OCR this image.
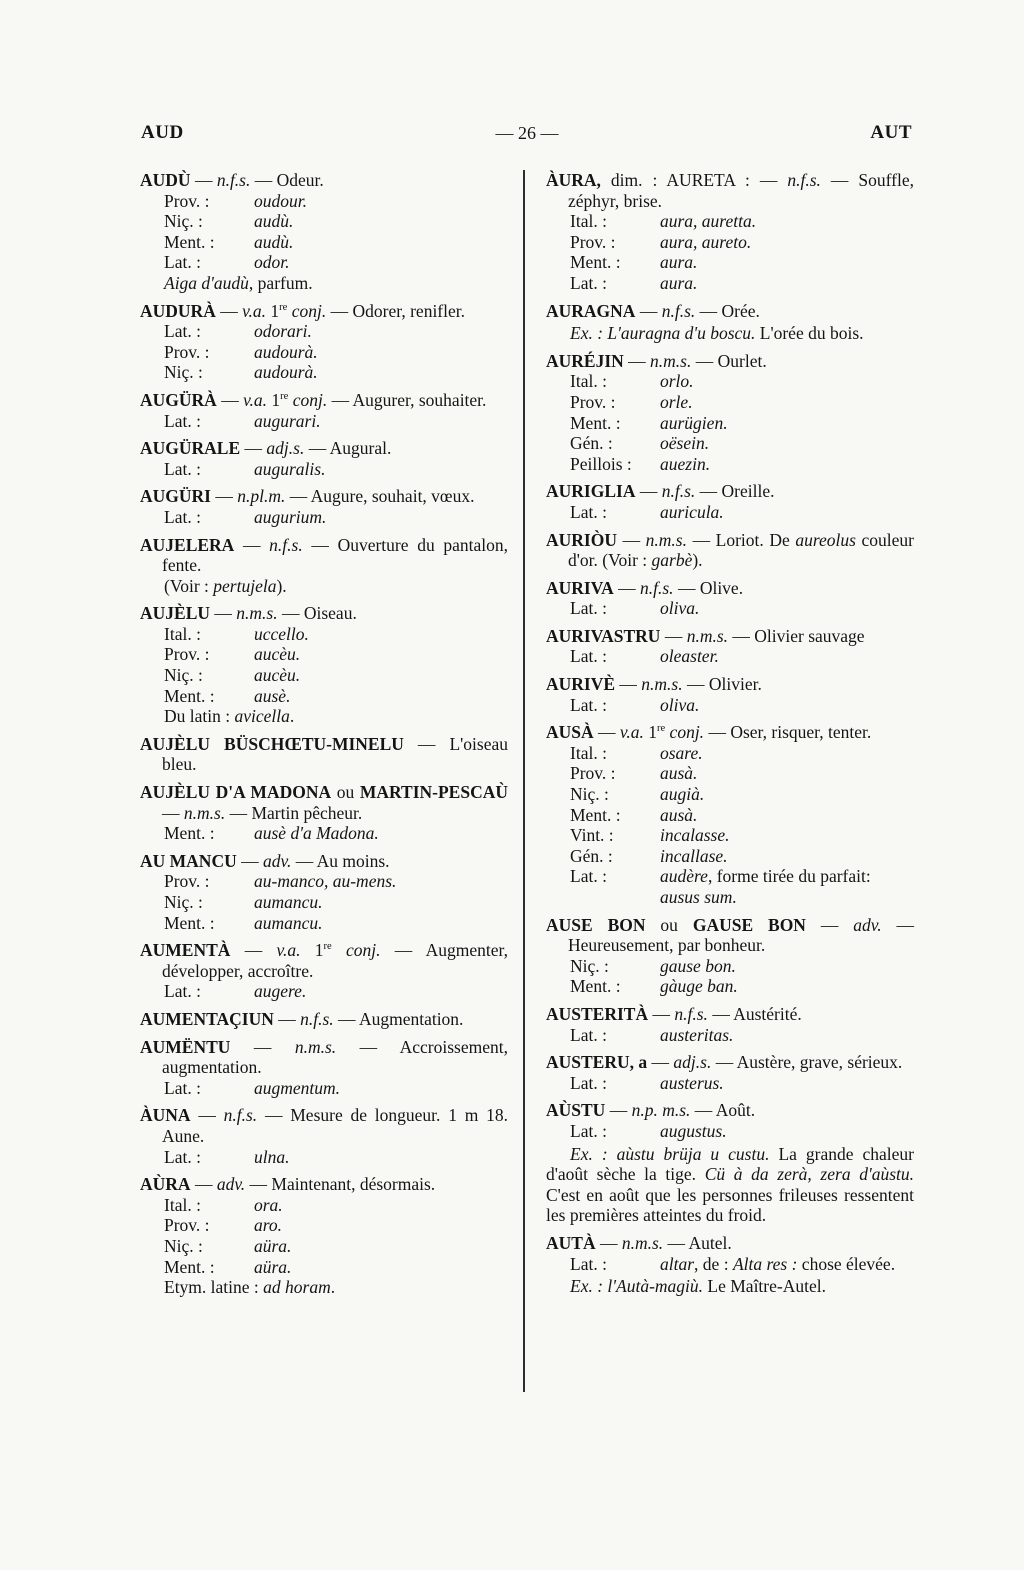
AUD	— 26 —	AUT
AUDÙ — n.f.s. — Odeur.
Prov. :	oudour.
Niç. :	audù.
Ment. :	audù.
Lat. :	odor.
Aiga d'audù, parfum.
AUDURÀ — v.a. 1re conj. — Odorer, renifler.
Lat. :	odorari.
Prov. :	audourà.
Niç. :	audourà.
AUGÜRÀ — v.a. 1re conj. — Augurer, souhaiter.
Lat. :	augurari.
AUGÜRALE — adj.s. — Augural.
Lat. :	auguralis.
AUGÜRI — n.pl.m. — Augure, souhait, vœux.
Lat. :	augurium.
AUJELERA — n.f.s. — Ouverture du pantalon, fente.
(Voir : pertujela).
AUJÈLU — n.m.s. — Oiseau.
Ital. :	uccello.
Prov. :	aucèu.
Niç. :	aucèu.
Ment. :	ausè.
Du latin : avicella.
AUJÈLU BÜSCHŒTU-MINELU — L'oiseau bleu.
AUJÈLU D'A MADONA ou MARTIN-PESCAÙ — n.m.s. — Martin pêcheur.
Ment. :	ausè d'a Madona.
AU MANCU — adv. — Au moins.
Prov. :	au-manco, au-mens.
Niç. :	aumancu.
Ment. :	aumancu.
AUMENTÀ — v.a. 1re conj. — Augmenter, développer, accroître.
Lat. :	augere.
AUMENTAÇIUN — n.f.s. — Augmentation.
AUMËNTU — n.m.s. — Accroissement, augmentation.
Lat. :	augmentum.
ÀUNA — n.f.s. — Mesure de longueur. 1 m 18. Aune.
Lat. :	ulna.
AÙRA — adv. — Maintenant, désormais.
Ital. :	ora.
Prov. :	aro.
Niç. :	aüra.
Ment. :	aüra.
Etym. latine : ad horam.
ÀURA, dim. : AURETA : — n.f.s. — Souffle, zéphyr, brise.
Ital. :	aura, auretta.
Prov. :	aura, aureto.
Ment. :	aura.
Lat. :	aura.
AURAGNA — n.f.s. — Orée.
Ex. : L'auragna d'u boscu. L'orée du bois.
AURÉJIN — n.m.s. — Ourlet.
Ital. :	orlo.
Prov. :	orle.
Ment. :	aurügien.
Gén. :	oësein.
Peillois :	auezin.
AURIGLIA — n.f.s. — Oreille.
Lat. :	auricula.
AURIÒU — n.m.s. — Loriot. De aureolus couleur d'or. (Voir : garbè).
AURIVA — n.f.s. — Olive.
Lat. :	oliva.
AURIVASTRU — n.m.s. — Olivier sauvage
Lat. :	oleaster.
AURIVÈ — n.m.s. — Olivier.
Lat. :	oliva.
AUSÀ — v.a. 1re conj. — Oser, risquer, tenter.
Ital. :	osare.
Prov. :	ausà.
Niç. :	augià.
Ment. :	ausà.
Vint. :	incalasse.
Gén. :	incallase.
Lat. :	audère, forme tirée du parfait: ausus sum.
AUSE BON ou GAUSE BON — adv. — Heureusement, par bonheur.
Niç. :	gause bon.
Ment. :	gàuge ban.
AUSTERITÀ — n.f.s. — Austérité.
Lat. :	austeritas.
AUSTERU, a — adj.s. — Austère, grave, sérieux.
Lat. :	austerus.
AÙSTU — n.p. m.s. — Août.
Lat. :	augustus.
Ex. : aùstu brüja u custu. La grande chaleur d'août sèche la tige. Cü à da zerà, zera d'aùstu. C'est en août que les personnes frileuses ressentent les premières atteintes du froid.
AUTÀ — n.m.s. — Autel.
Lat. :	altar, de : Alta res : chose élevée.
Ex. : l'Autà-magiù. Le Maître-Autel.
